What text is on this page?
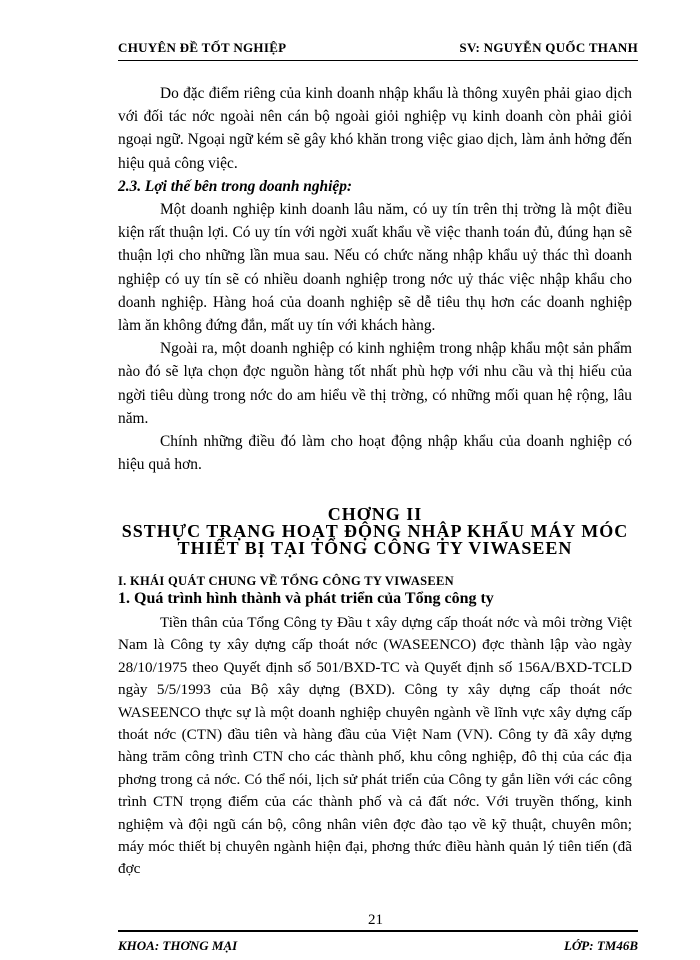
CHUYÊN ĐỀ TỐT NGHIỆP	SV: NGUYỄN QUỐC THANH

Do đặc điểm riêng của kinh doanh nhập khẩu là thông xuyên phải giao dịch với đối tác nớc ngoài nên cán bộ ngoài giỏi nghiệp vụ kinh doanh còn phải giỏi ngoại ngữ. Ngoại ngữ kém sẽ gây khó khăn trong việc giao dịch, làm ảnh hởng đến hiệu quả công việc.

2.3. Lợi thế bên trong doanh nghiệp:

Một doanh nghiệp kinh doanh lâu năm, có uy tín trên thị trờng là một điều kiện rất thuận lợi. Có uy tín với ngời xuất khẩu về việc thanh toán đủ, đúng hạn sẽ thuận lợi cho những lần mua sau. Nếu có chức năng nhập khẩu uỷ thác thì doanh nghiệp có uy tín sẽ có nhiều doanh nghiệp trong nớc uỷ thác việc nhập khẩu cho doanh nghiệp. Hàng hoá của doanh nghiệp sẽ dễ tiêu thụ hơn các doanh nghiệp làm ăn không đứng đắn, mất uy tín với khách hàng.

Ngoài ra, một doanh nghiệp có kinh nghiệm trong nhập khẩu một sản phẩm nào đó sẽ lựa chọn đợc nguồn hàng tốt nhất phù hợp với nhu cầu và thị hiếu của ngời tiêu dùng trong nớc do am hiểu về thị trờng, có những mối quan hệ rộng, lâu năm.

Chính những điều đó làm cho hoạt động nhập khẩu của doanh nghiệp có hiệu quả hơn.

CHƠNG II
SSTHỰC TRẠNG HOẠT ĐỘNG NHẬP KHẨU MÁY MÓC
THIẾT BỊ TẠI TỔNG CÔNG TY VIWASEEN
I. KHÁI QUÁT CHUNG VỀ TỔNG CÔNG TY VIWASEEN
1. Quá trình hình thành và phát triển của Tổng công ty

Tiền thân của Tổng Công ty Đầu t xây dựng cấp thoát nớc và môi trờng Việt Nam là Công ty xây dựng cấp thoát nớc (WASEENCO) đợc thành lập vào ngày 28/10/1975 theo Quyết định số 501/BXD-TC và Quyết định số 156A/BXD-TCLD ngày 5/5/1993 của Bộ xây dựng (BXD). Công ty xây dựng cấp thoát nớc WASEENCO thực sự là một doanh nghiệp chuyên ngành về lĩnh vực xây dựng cấp thoát nớc (CTN) đầu tiên và hàng đầu của Việt Nam (VN). Công ty đã xây dựng hàng trăm công trình CTN cho các thành phố, khu công nghiệp, đô thị của các địa phơng trong cả nớc. Có thể nói, lịch sử phát triển của Công ty gắn liền với các công trình CTN trọng điểm của các thành phố và cả đất nớc. Với truyền thống, kinh nghiệm và đội ngũ cán bộ, công nhân viên đợc đào tạo về kỹ thuật, chuyên môn; máy móc thiết bị chuyên ngành hiện đại, phơng thức điều hành quản lý tiên tiến (đã đợc

KHOA: THƠNG MẠI
21
LỚP: TM46B
